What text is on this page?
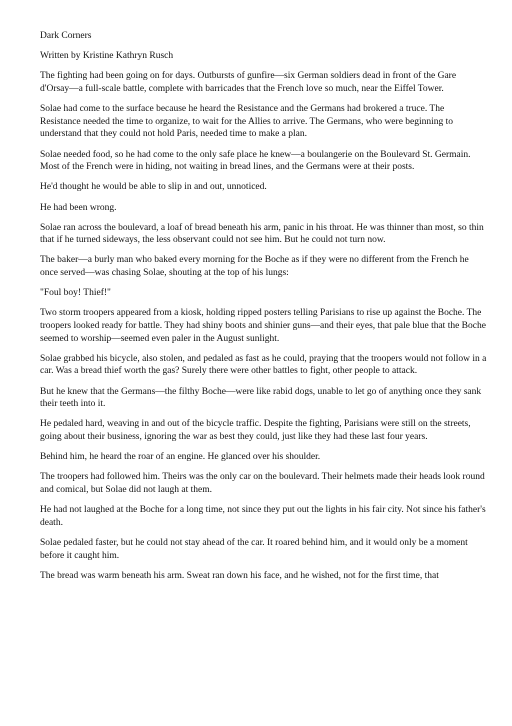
Dark Corners

Written by Kristine Kathryn Rusch

The fighting had been going on for days. Outbursts of gunfire—six German soldiers dead in front of the Gare d'Orsay—a full-scale battle, complete with barricades that the French love so much, near the Eiffel Tower.

Solae had come to the surface because he heard the Resistance and the Germans had brokered a truce. The Resistance needed the time to organize, to wait for the Allies to arrive. The Germans, who were beginning to understand that they could not hold Paris, needed time to make a plan.

Solae needed food, so he had come to the only safe place he knew—a boulangerie on the Boulevard St. Germain. Most of the French were in hiding, not waiting in bread lines, and the Germans were at their posts.

He'd thought he would be able to slip in and out, unnoticed.

He had been wrong.

Solae ran across the boulevard, a loaf of bread beneath his arm, panic in his throat. He was thinner than most, so thin that if he turned sideways, the less observant could not see him. But he could not turn now.

The baker—a burly man who baked every morning for the Boche as if they were no different from the French he once served—was chasing Solae, shouting at the top of his lungs:

"Foul boy! Thief!"

Two storm troopers appeared from a kiosk, holding ripped posters telling Parisians to rise up against the Boche. The troopers looked ready for battle. They had shiny boots and shinier guns—and their eyes, that pale blue that the Boche seemed to worship—seemed even paler in the August sunlight.

Solae grabbed his bicycle, also stolen, and pedaled as fast as he could, praying that the troopers would not follow in a car. Was a bread thief worth the gas? Surely there were other battles to fight, other people to attack.

But he knew that the Germans—the filthy Boche—were like rabid dogs, unable to let go of anything once they sank their teeth into it.

He pedaled hard, weaving in and out of the bicycle traffic. Despite the fighting, Parisians were still on the streets, going about their business, ignoring the war as best they could, just like they had these last four years.

Behind him, he heard the roar of an engine. He glanced over his shoulder.

The troopers had followed him. Theirs was the only car on the boulevard. Their helmets made their heads look round and comical, but Solae did not laugh at them.

He had not laughed at the Boche for a long time, not since they put out the lights in his fair city. Not since his father's death.

Solae pedaled faster, but he could not stay ahead of the car. It roared behind him, and it would only be a moment before it caught him.

The bread was warm beneath his arm. Sweat ran down his face, and he wished, not for the first time, that
